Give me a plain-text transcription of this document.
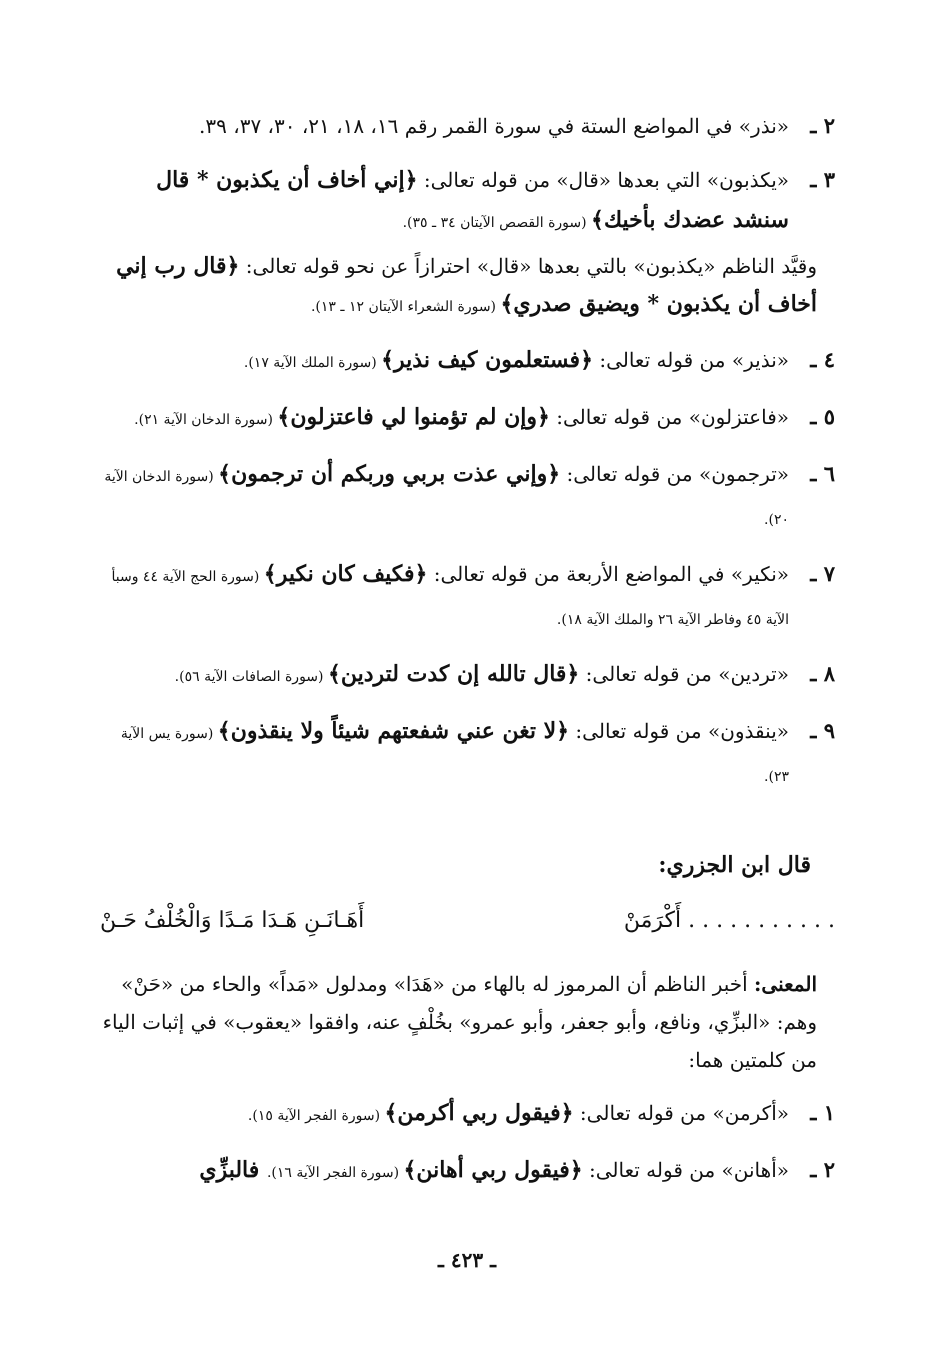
٢ ـ
«نذر» في المواضع الستة في سورة القمر رقم ١٦، ١٨، ٢١، ٣٠، ٣٧، ٣٩.
٣ ـ
«يكذبون» التي بعدها «قال» من قوله تعالى: ﴿إني أخاف أن يكذبون * قال سنشد عضدك بأخيك﴾ (سورة القصص الآيتان ٣٤ ـ ٣٥).
وقيَّد الناظم «يكذبون» بالتي بعدها «قال» احترازاً عن نحو قوله تعالى: ﴿قال رب إني أخاف أن يكذبون * ويضيق صدري﴾ (سورة الشعراء الآيتان ١٢ ـ ١٣).
٤ ـ
«نذير» من قوله تعالى: ﴿فستعلمون كيف نذير﴾ (سورة الملك الآية ١٧).
٥ ـ
«فاعتزلون» من قوله تعالى: ﴿وإن لم تؤمنوا لي فاعتزلون﴾ (سورة الدخان الآية ٢١).
٦ ـ
«ترجمون» من قوله تعالى: ﴿وإني عذت بربي وربكم أن ترجمون﴾ (سورة الدخان الآية ٢٠).
٧ ـ
«نكير» في المواضع الأربعة من قوله تعالى: ﴿فكيف كان نكير﴾ (سورة الحج الآية ٤٤ وسبأ الآية ٤٥ وفاطر الآية ٢٦ والملك الآية ١٨).
٨ ـ
«تردين» من قوله تعالى: ﴿قال تالله إن كدت لتردين﴾ (سورة الصافات الآية ٥٦).
٩ ـ
«ينقذون» من قوله تعالى: ﴿لا تغن عني شفعتهم شيئاً ولا ينقذون﴾ (سورة يس الآية ٢٣).
قال ابن الجزري:
. . . . . . . . . . . أَكْرَمَنْ
أَهَـانَـنِ هَـدَا مَـدًا وَالْخُلْفُ حَـنْ
المعنى: أخبر الناظم أن المرموز له بالهاء من «هَدَا» ومدلول «مَداً» والحاء من «حَنْ» وهم: «البزِّي، ونافع، وأبو جعفر، وأبو عمرو» بخُلْفٍ عنه، وافقوا «يعقوب» في إثبات الياء من كلمتين هما:
١ ـ
«أكرمن» من قوله تعالى: ﴿فيقول ربي أكرمن﴾ (سورة الفجر الآية ١٥).
٢ ـ
«أهانن» من قوله تعالى: ﴿فيقول ربي أهانن﴾ (سورة الفجر الآية ١٦). فالبزِّي
ـ ٤٢٣ ـ
